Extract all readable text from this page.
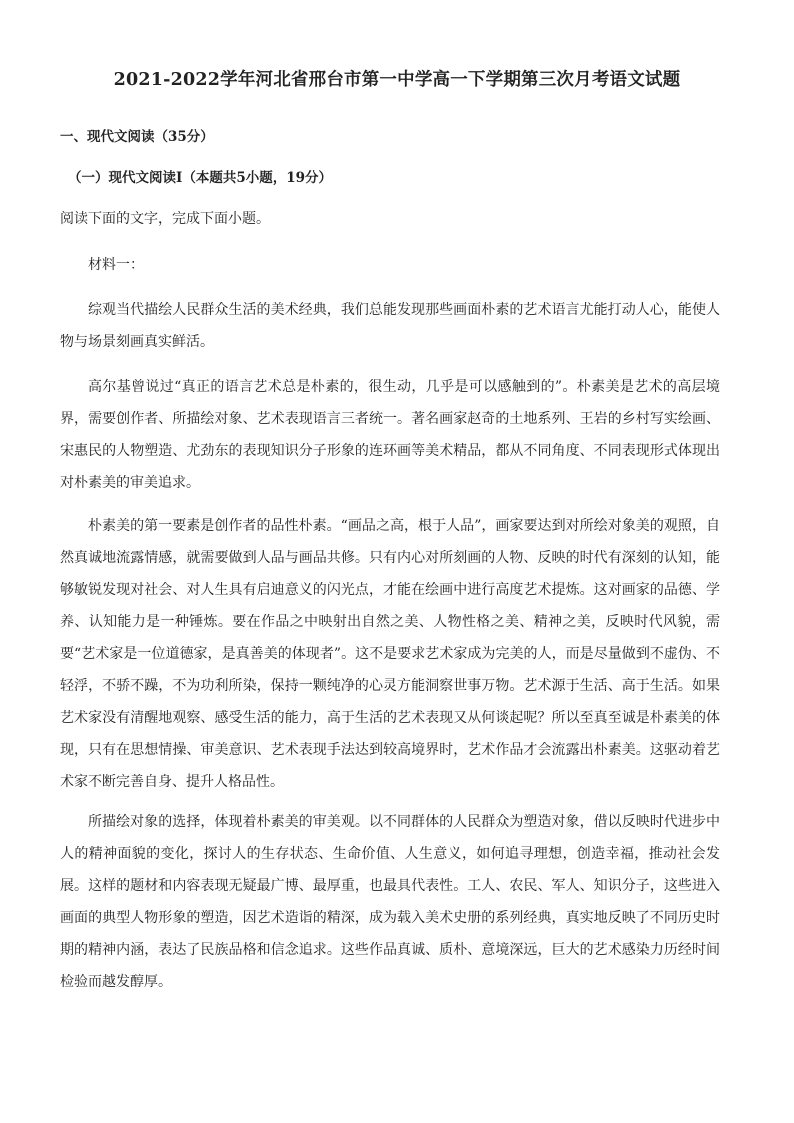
2021-2022学年河北省邢台市第一中学高一下学期第三次月考语文试题
一、现代文阅读（35分）
（一）现代文阅读Ⅰ（本题共5小题，19分）
阅读下面的文字，完成下面小题。
材料一：

综观当代描绘人民群众生活的美术经典，我们总能发现那些画面朴素的艺术语言尤能打动人心，能使人物与场景刻画真实鲜活。

高尔基曾说过“真正的语言艺术总是朴素的，很生动，几乎是可以感触到的”。朴素美是艺术的高层境界，需要创作者、所描绘对象、艺术表现语言三者统一。著名画家赵奇的土地系列、王岩的乡村写实绘画、宋惠民的人物塑造、尤劲东的表现知识分子形象的连环画等美术精品，都从不同角度、不同表现形式体现出对朴素美的审美追求。

朴素美的第一要素是创作者的品性朴素。“画品之高，根于人品”，画家要达到对所绘对象美的观照，自然真诚地流露情感，就需要做到人品与画品共修。只有内心对所刻画的人物、反映的时代有深刻的认知，能够敏锐发现对社会、对人生具有启迪意义的闪光点，才能在绘画中进行高度艺术提炼。这对画家的品德、学养、认知能力是一种锤炼。要在作品之中映射出自然之美、人物性格之美、精神之美，反映时代风貌，需要“艺术家是一位道德家，是真善美的体现者”。这不是要求艺术家成为完美的人，而是尽量做到不虚伪、不轻浮，不骄不躁，不为功利所染，保持一颗纯净的心灵方能洞察世事万物。艺术源于生活、高于生活。如果艺术家没有清醒地观察、感受生活的能力，高于生活的艺术表现又从何谈起呢？所以至真至诚是朴素美的体现，只有在思想情操、审美意识、艺术表现手法达到较高境界时，艺术作品才会流露出朴素美。这驱动着艺术家不断完善自身、提升人格品性。

所描绘对象的选择，体现着朴素美的审美观。以不同群体的人民群众为塑造对象，借以反映时代进步中人的精神面貌的变化，探讨人的生存状态、生命价值、人生意义，如何追寻理想，创造幸福，推动社会发展。这样的题材和内容表现无疑最广博、最厚重，也最具代表性。工人、农民、军人、知识分子，这些进入画面的典型人物形象的塑造，因艺术造诣的精深，成为载入美术史册的系列经典，真实地反映了不同历史时期的精神内涵，表达了民族品格和信念追求。这些作品真诚、质朴、意境深远，巨大的艺术感染力历经时间检验而越发醇厚。
